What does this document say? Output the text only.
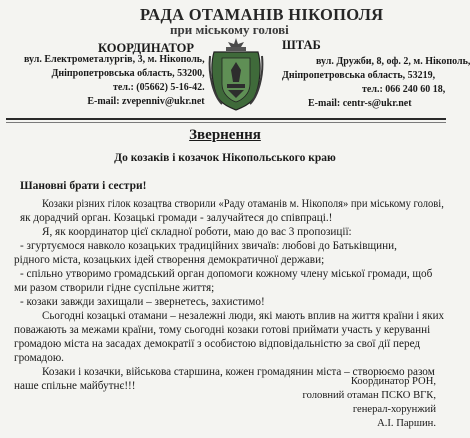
РАДА ОТАМАНІВ НІКОПОЛЯ
при міському голові
КООРДИНАТОР	ШТАБ
вул. Електрометалургів, 3, м. Нікополь,
Дніпропетровська область, 53200,
тел.: (05662) 5-16-42.
E-mail: zvepenniv@ukr.net
вул. Дружби, 8, оф. 2, м. Нікополь,
Дніпропетровська область, 53219,
тел.: 066 240 60 18,
E-mail: centr-s@ukr.net
Звернення
До козаків і козачок Нікопольського краю
Шановні брати і сестри!
Козаки різних гілок козацтва створили «Раду отаманів м. Нікополя» при міському голові,
як дорадчий орган. Козацькі громади - залучайтеся до співпраці.!
Я, як координатор цієї складної роботи, маю до вас 3 пропозиції:
- згуртуємося навколо козацьких традиційних звичаїв: любові до Батьківщини,
рідного міста, козацьких ідей створення демократичної держави;
- спільно утворимо громадський орган допомоги кожному члену міської громади, щоб
ми разом створили гідне суспільне життя;
- козаки завжди захищали – звернетесь, захистимо!
Сьогодні козацькі отамани – незалежні люди, які мають вплив на життя країни і яких
поважають за межами країни, тому сьогодні козаки готові приймати участь у керуванні
громадою міста на засадах демократії з особистою відповідальністю за свої дії перед
громадою.
Козаки і козачки, військова старшина, кожен громадянин міста – створюємо разом
наше спільне майбутнє!!!	Координатор РОН,
головний отаман ПСКО ВГК,
генерал-хорунжий
А.І. Паршин.
